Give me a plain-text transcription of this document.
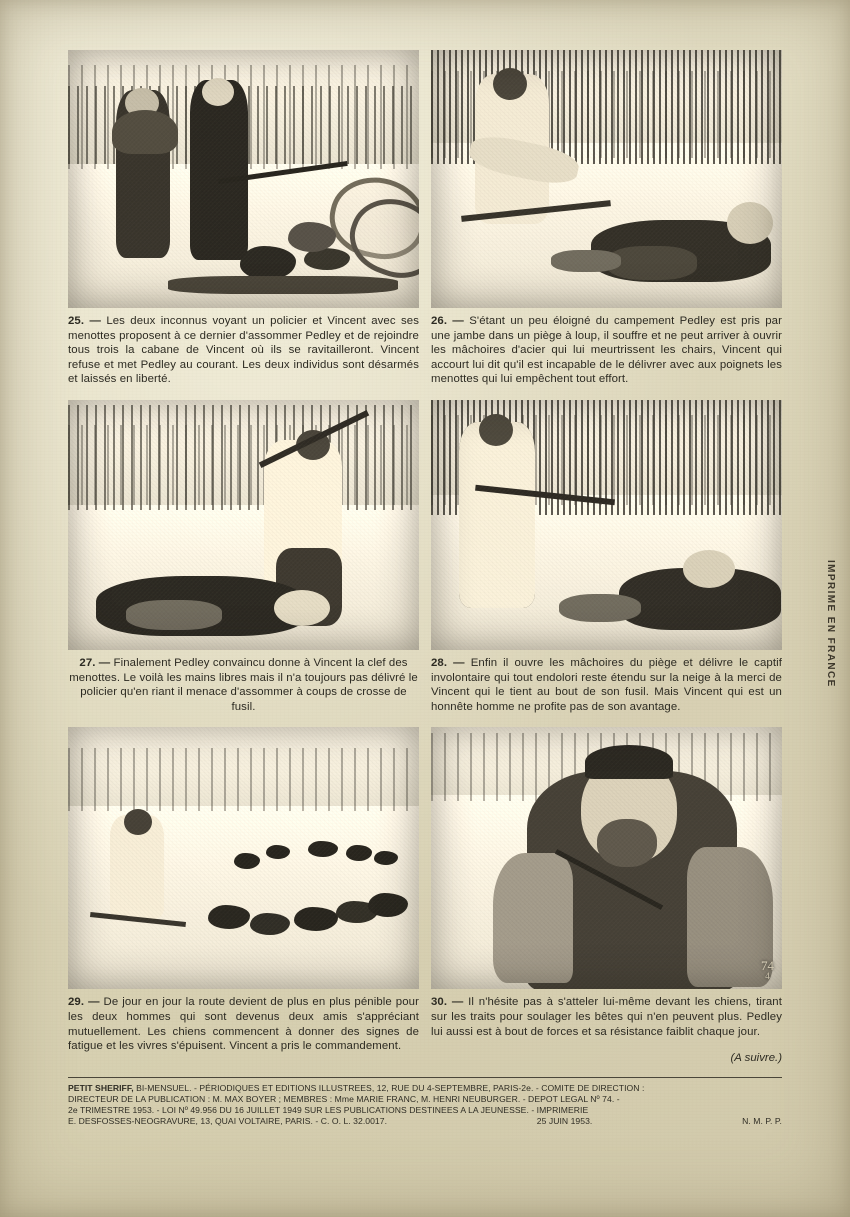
25. — Les deux inconnus voyant un policier et Vincent avec ses menottes proposent à ce dernier d'assommer Pedley et de rejoindre tous trois la cabane de Vincent où ils se ravitailleront. Vincent refuse et met Pedley au courant. Les deux individus sont désarmés et laissés en liberté.
26. — S'étant un peu éloigné du campement Pedley est pris par une jambe dans un piège à loup, il souffre et ne peut arriver à ouvrir les mâchoires d'acier qui lui meurtrissent les chairs, Vincent qui accourt lui dit qu'il est incapable de le délivrer avec aux poignets les menottes qui lui empêchent tout effort.
27. — Finalement Pedley convaincu donne à Vincent la clef des menottes. Le voilà les mains libres mais il n'a toujours pas délivré le policier qu'en riant il menace d'assommer à coups de crosse de fusil.
28. — Enfin il ouvre les mâchoires du piège et délivre le captif involontaire qui tout endolori reste étendu sur la neige à la merci de Vincent qui le tient au bout de son fusil. Mais Vincent qui est un honnête homme ne profite pas de son avantage.
29. — De jour en jour la route devient de plus en plus pénible pour les deux hommes qui sont devenus deux amis s'appréciant mutuellement. Les chiens commencent à donner des signes de fatigue et les vivres s'épuisent. Vincent a pris le commandement.
74
4
30. — Il n'hésite pas à s'atteler lui-même devant les chiens, tirant sur les traits pour soulager les bêtes qui n'en peuvent plus. Pedley lui aussi est à bout de forces et sa résistance faiblit chaque jour.
(A suivre.)
PETIT SHERIFF, BI-MENSUEL. - PÉRIODIQUES ET EDITIONS ILLUSTREES, 12, RUE DU 4-SEPTEMBRE, PARIS-2e. - COMITE DE DIRECTION :
DIRECTEUR DE LA PUBLICATION : M. MAX BOYER ; MEMBRES : Mme MARIE FRANC, M. HENRI NEUBURGER. - DEPOT LEGAL Nº 74. -
2e TRIMESTRE 1953. - LOI Nº 49.956 DU 16 JUILLET 1949 SUR LES PUBLICATIONS DESTINEES A LA JEUNESSE. - IMPRIMERIE
E. DESFOSSES-NEOGRAVURE, 13, QUAI VOLTAIRE, PARIS. - C. O. L. 32.0017.	25 JUIN 1953.	N. M. P. P.
IMPRIME EN FRANCE
